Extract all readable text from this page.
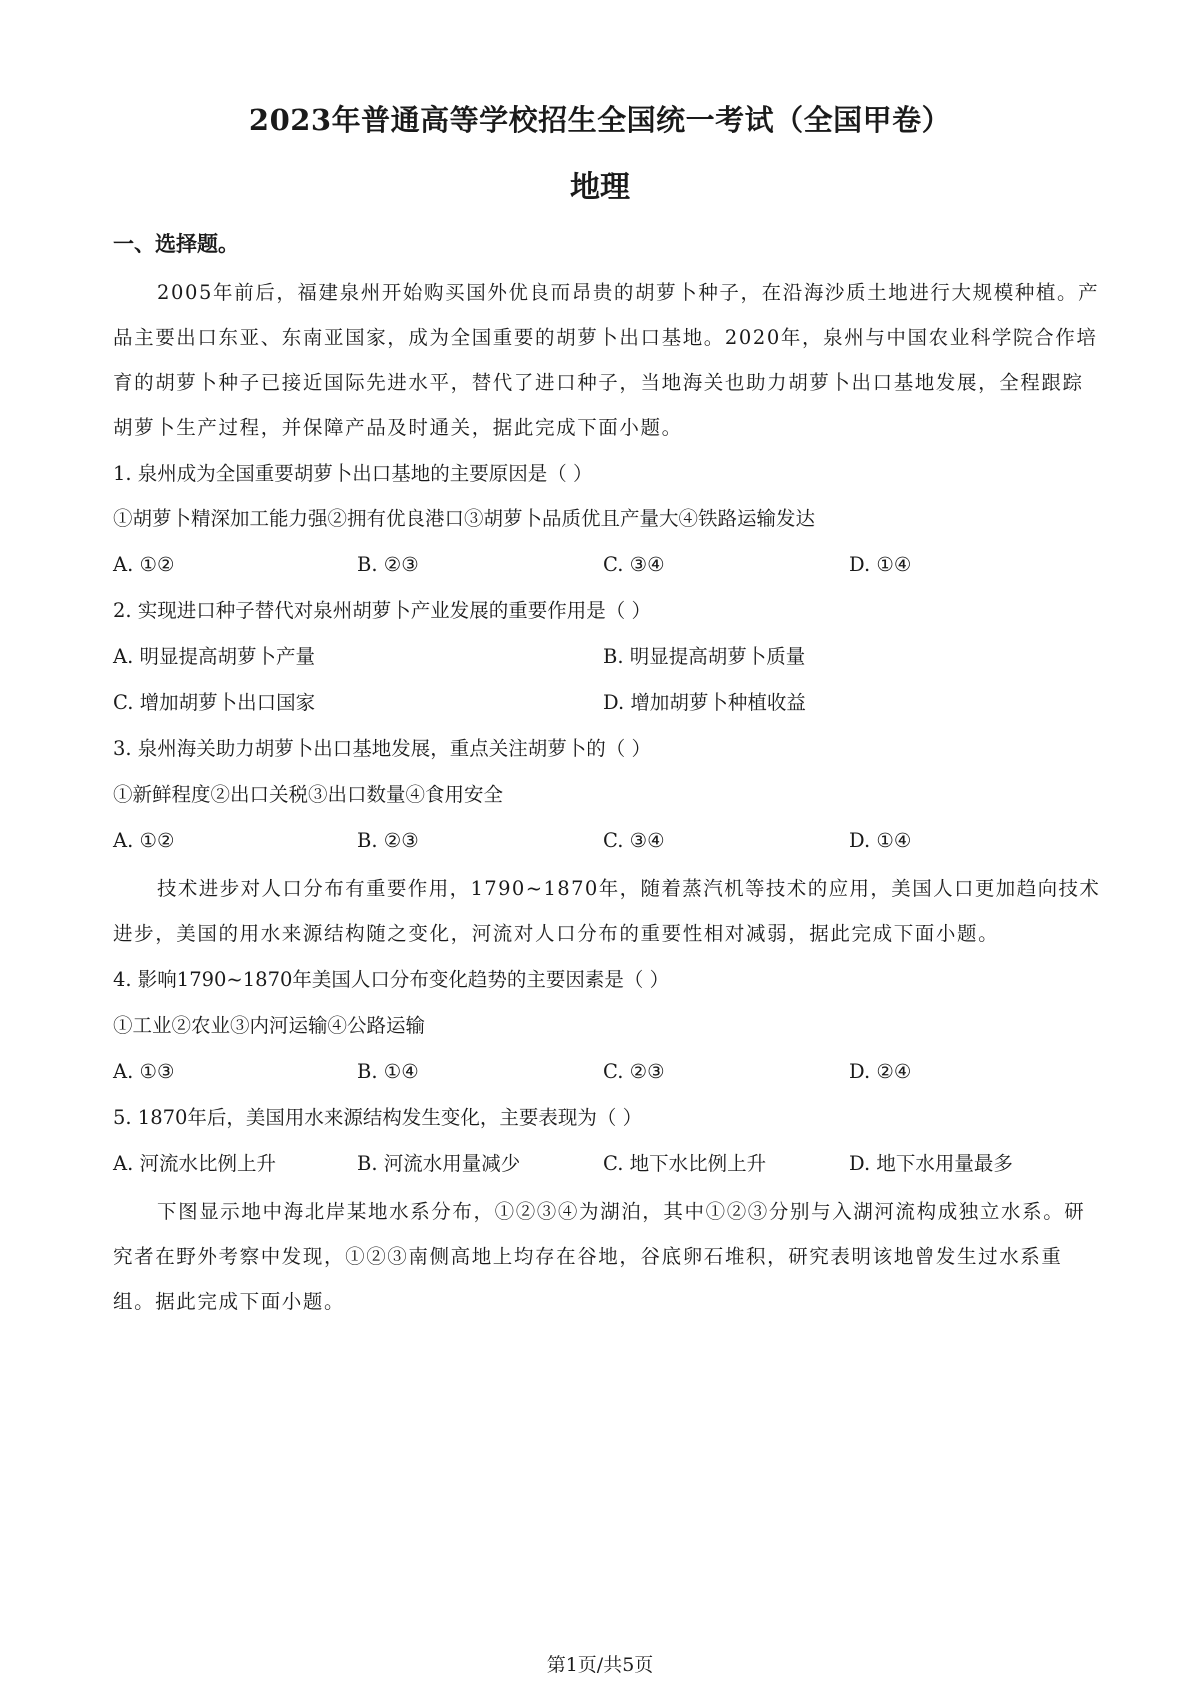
2023年普通高等学校招生全国统一考试（全国甲卷）
地理
一、选择题。
2005年前后，福建泉州开始购买国外优良而昂贵的胡萝卜种子，在沿海沙质土地进行大规模种植。产
品主要出口东亚、东南亚国家，成为全国重要的胡萝卜出口基地。2020年，泉州与中国农业科学院合作培
育的胡萝卜种子已接近国际先进水平，替代了进口种子，当地海关也助力胡萝卜出口基地发展，全程跟踪
胡萝卜生产过程，并保障产品及时通关，据此完成下面小题。
1. 泉州成为全国重要胡萝卜出口基地的主要原因是（ ）
①胡萝卜精深加工能力强②拥有优良港口③胡萝卜品质优且产量大④铁路运输发达
A. ①②	B. ②③	C. ③④	D. ①④
2. 实现进口种子替代对泉州胡萝卜产业发展的重要作用是（ ）
A. 明显提高胡萝卜产量	B. 明显提高胡萝卜质量
C. 增加胡萝卜出口国家	D. 增加胡萝卜种植收益
3. 泉州海关助力胡萝卜出口基地发展，重点关注胡萝卜的（ ）
①新鲜程度②出口关税③出口数量④食用安全
A. ①②	B. ②③	C. ③④	D. ①④
技术进步对人口分布有重要作用，1790~1870年，随着蒸汽机等技术的应用，美国人口更加趋向技术
进步，美国的用水来源结构随之变化，河流对人口分布的重要性相对减弱，据此完成下面小题。
4. 影响1790~1870年美国人口分布变化趋势的主要因素是（ ）
①工业②农业③内河运输④公路运输
A. ①③	B. ①④	C. ②③	D. ②④
5. 1870年后，美国用水来源结构发生变化，主要表现为（ ）
A. 河流水比例上升	B. 河流水用量减少	C. 地下水比例上升	D. 地下水用量最多
下图显示地中海北岸某地水系分布，①②③④为湖泊，其中①②③分别与入湖河流构成独立水系。研
究者在野外考察中发现，①②③南侧高地上均存在谷地，谷底卵石堆积，研究表明该地曾发生过水系重
组。据此完成下面小题。
第1页/共5页
